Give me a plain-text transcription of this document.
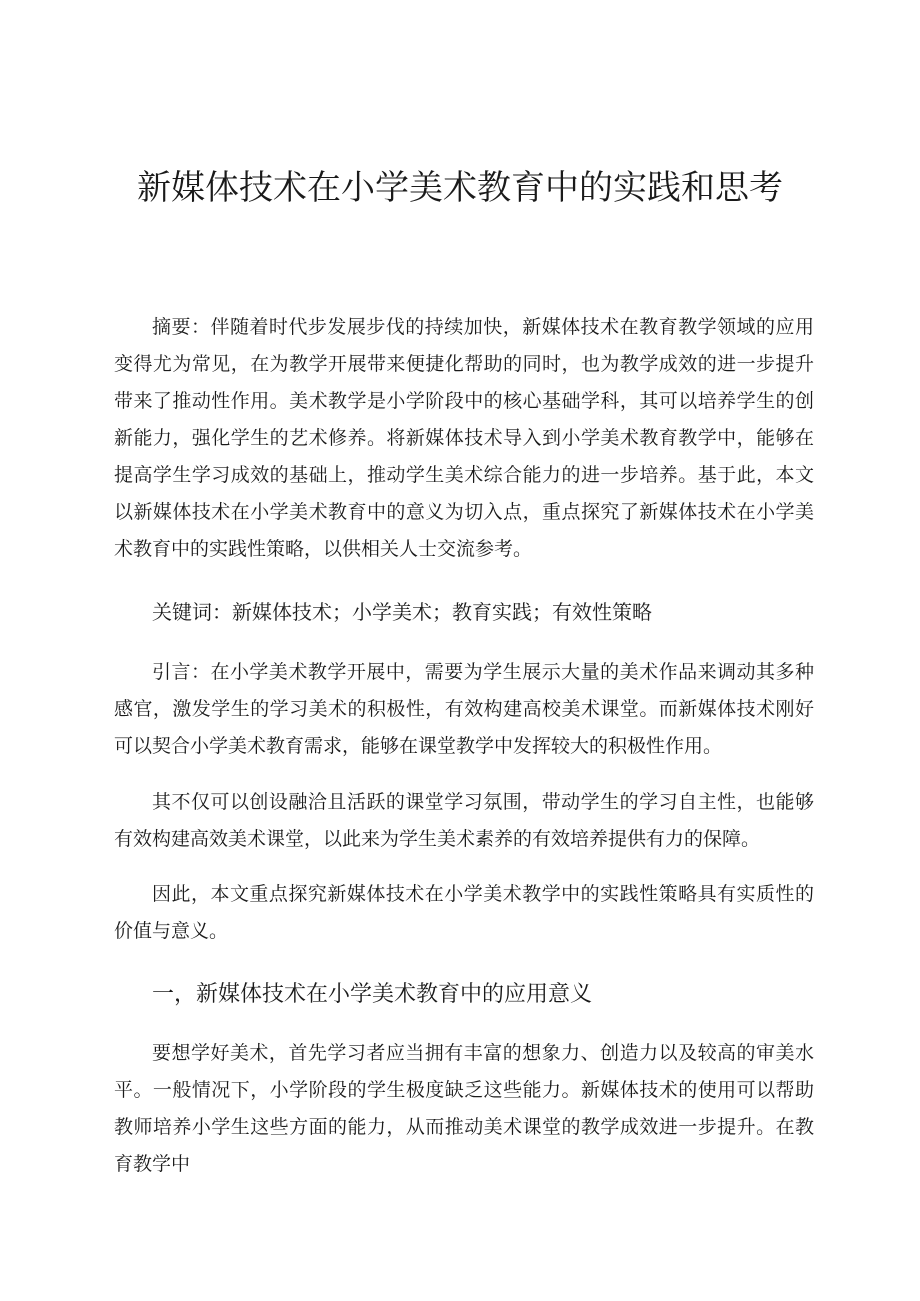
新媒体技术在小学美术教育中的实践和思考

摘要：伴随着时代步发展步伐的持续加快，新媒体技术在教育教学领域的应用变得尤为常见，在为教学开展带来便捷化帮助的同时，也为教学成效的进一步提升带来了推动性作用。美术教学是小学阶段中的核心基础学科，其可以培养学生的创新能力，强化学生的艺术修养。将新媒体技术导入到小学美术教育教学中，能够在提高学生学习成效的基础上，推动学生美术综合能力的进一步培养。基于此，本文以新媒体技术在小学美术教育中的意义为切入点，重点探究了新媒体技术在小学美术教育中的实践性策略，以供相关人士交流参考。

关键词：新媒体技术；小学美术；教育实践；有效性策略

引言：在小学美术教学开展中，需要为学生展示大量的美术作品来调动其多种感官，激发学生的学习美术的积极性，有效构建高校美术课堂。而新媒体技术刚好可以契合小学美术教育需求，能够在课堂教学中发挥较大的积极性作用。

其不仅可以创设融洽且活跃的课堂学习氛围，带动学生的学习自主性，也能够有效构建高效美术课堂，以此来为学生美术素养的有效培养提供有力的保障。

因此，本文重点探究新媒体技术在小学美术教学中的实践性策略具有实质性的价值与意义。

一，新媒体技术在小学美术教育中的应用意义

要想学好美术，首先学习者应当拥有丰富的想象力、创造力以及较高的审美水平。一般情况下，小学阶段的学生极度缺乏这些能力。新媒体技术的使用可以帮助教师培养小学生这些方面的能力，从而推动美术课堂的教学成效进一步提升。在教育教学中
